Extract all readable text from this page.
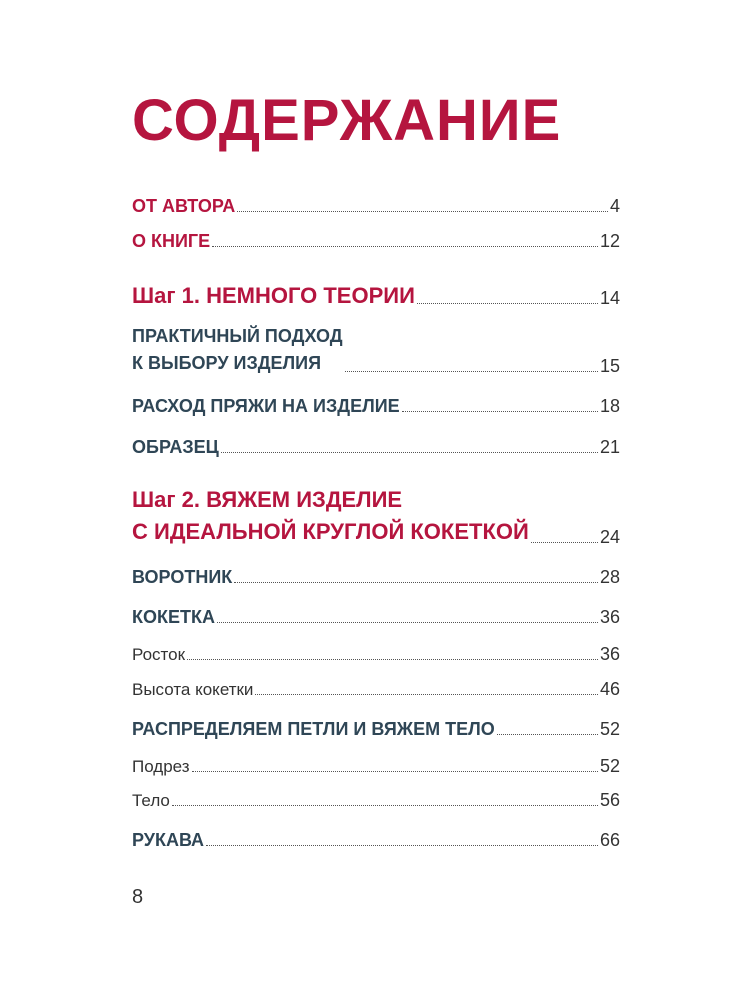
СОДЕРЖАНИЕ
ОТ АВТОРА	4
О КНИГЕ	12
Шаг 1. НЕМНОГО ТЕОРИИ	14
ПРАКТИЧНЫЙ ПОДХОД
К ВЫБОРУ ИЗДЕЛИЯ	15
РАСХОД ПРЯЖИ НА ИЗДЕЛИЕ	18
ОБРАЗЕЦ	21
Шаг 2. ВЯЖЕМ ИЗДЕЛИЕ
С ИДЕАЛЬНОЙ КРУГЛОЙ КОКЕТКОЙ	24
ВОРОТНИК	28
КОКЕТКА	36
Росток	36
Высота кокетки	46
РАСПРЕДЕЛЯЕМ ПЕТЛИ И ВЯЖЕМ ТЕЛО	52
Подрез	52
Тело	56
РУКАВА	66
8
